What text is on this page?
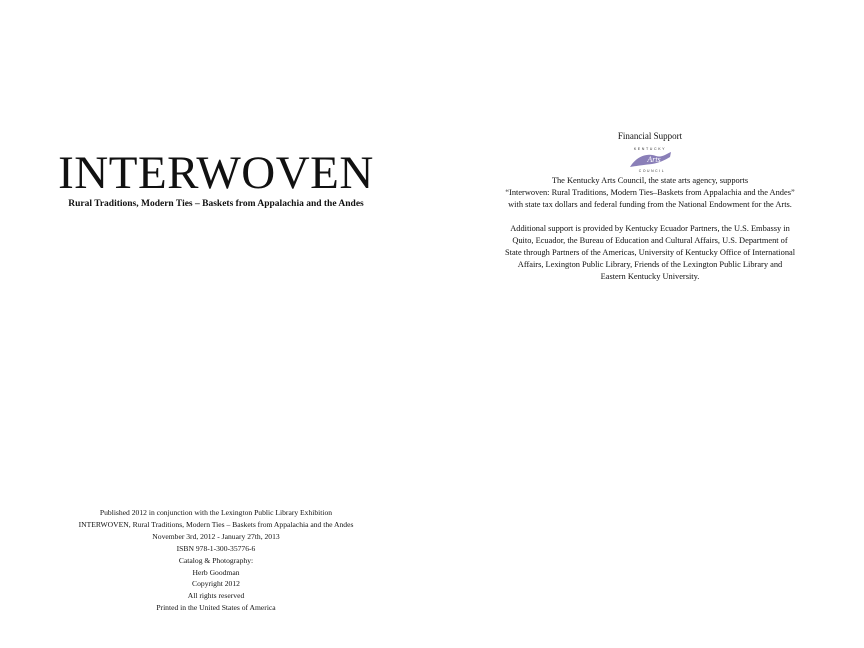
INTERWOVEN
Rural Traditions, Modern Ties – Baskets from Appalachia and the Andes
Published 2012 in conjunction with the Lexington Public Library Exhibition
INTERWOVEN, Rural Traditions, Modern Ties – Baskets from Appalachia and the Andes
November 3rd, 2012 - January 27th, 2013
ISBN 978-1-300-35776-6
Catalog & Photography:
Herb Goodman
Copyright 2012
All rights reserved
Printed in the United States of America

Financial Support

KENTUCKY
Arts
COUNCIL
The Kentucky Arts Council, the state arts agency, supports
“Interwoven: Rural Traditions, Modern Ties–Baskets from Appalachia and the Andes”
with state tax dollars and federal funding from the National Endowment for the Arts.
Additional support is provided by Kentucky Ecuador Partners, the U.S. Embassy in
Quito, Ecuador, the Bureau of Education and Cultural Affairs, U.S. Department of
State through Partners of the Americas, University of Kentucky Office of International
Affairs, Lexington Public Library, Friends of the Lexington Public Library and
Eastern Kentucky University.
